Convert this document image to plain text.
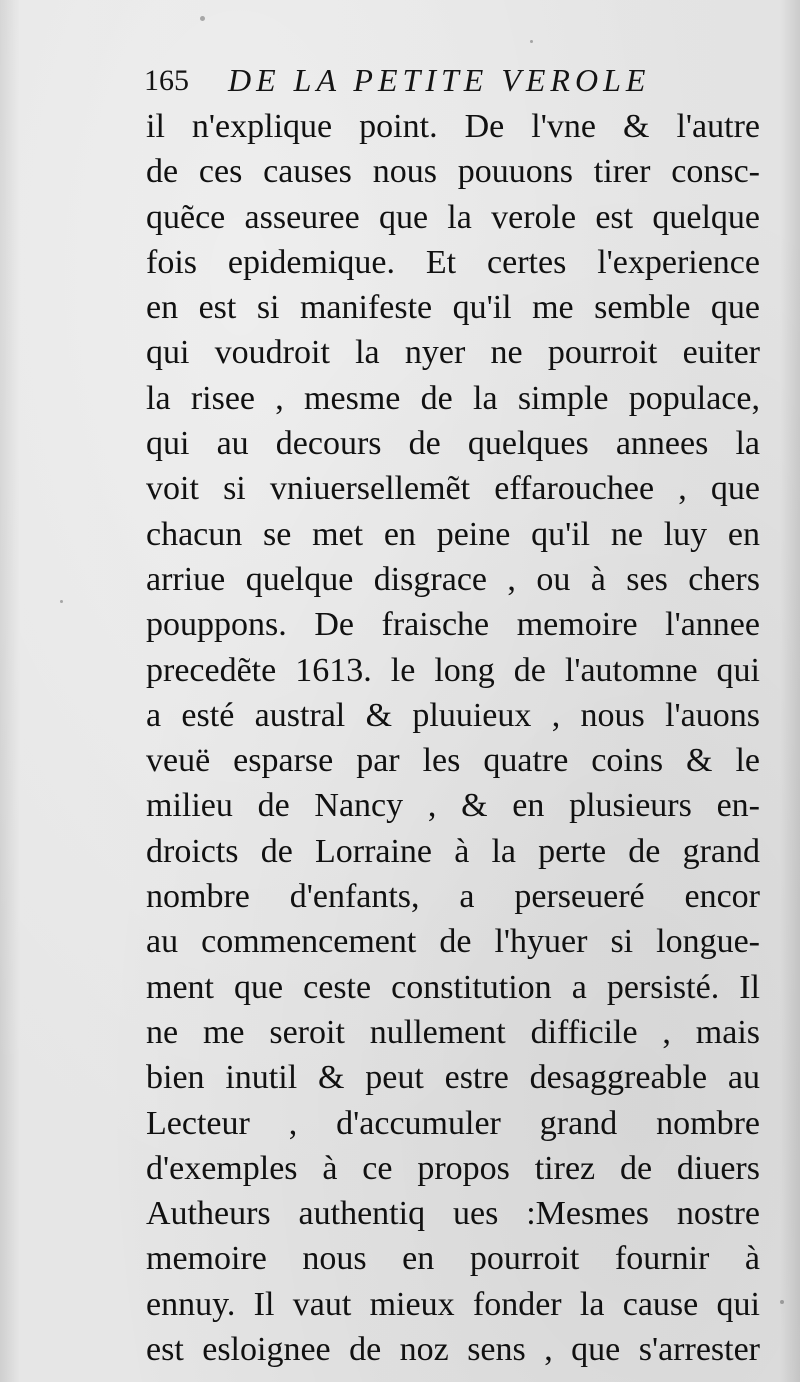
165 DE LA PETITE VEROLE
il n'explique point. De l'vne & l'autre
de ces causes nous pouuons tirer consc-
quẽce asseuree que la verole est quelque
fois epidemique. Et certes l'experience
en est si manifeste qu'il me semble que
qui voudroit la nyer ne pourroit euiter
la risee , mesme de la simple populace,
qui au decours de quelques annees la
voit si vniuersellemẽt effarouchee , que
chacun se met en peine qu'il ne luy en
arriue quelque disgrace , ou à ses chers
pouppons. De fraische memoire l'annee
precedẽte 1613. le long de l'automne qui
a esté austral & pluuieux , nous l'auons
veuë esparse par les quatre coins & le
milieu de Nancy , & en plusieurs en-
droicts de Lorraine à la perte de grand
nombre d'enfants, a perseueré encor
au commencement de l'hyuer si longue-
ment que ceste constitution a persisté. Il
ne me seroit nullement difficile , mais
bien inutil & peut estre desaggreable au
Lecteur , d'accumuler grand nombre
d'exemples à ce propos tirez de diuers
Autheurs authentiq ues :Mesmes nostre
memoire nous en pourroit fournir à
ennuy. Il vaut mieux fonder la cause qui
est esloignee de noz sens , que s'arrester
